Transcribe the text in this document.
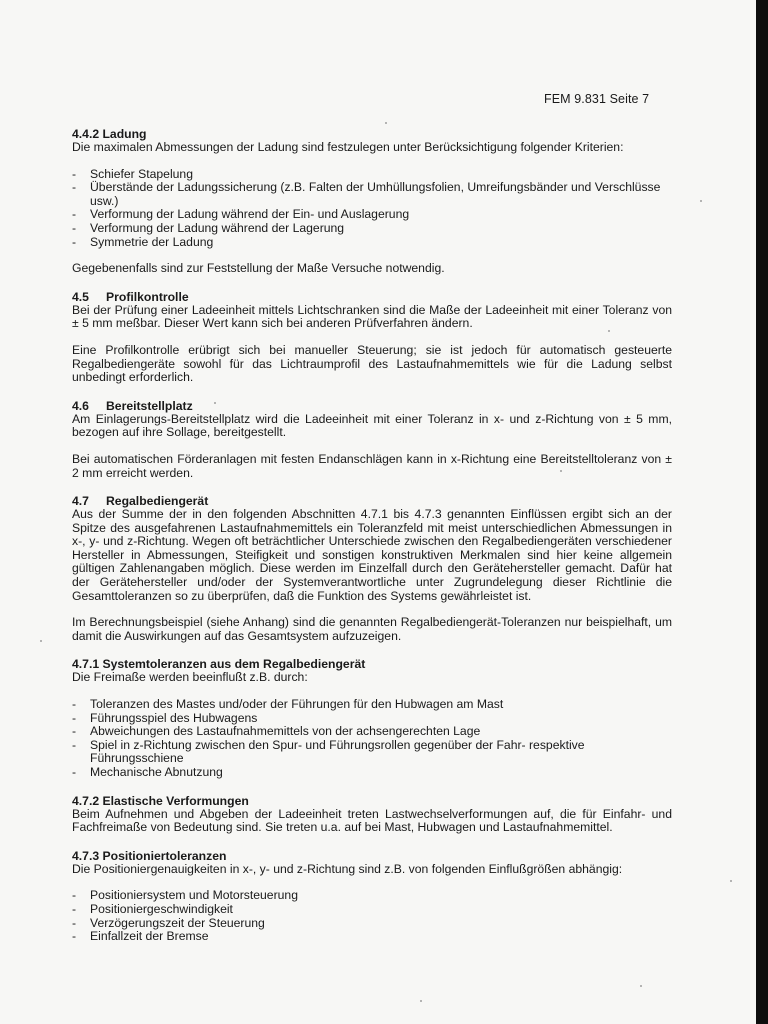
FEM 9.831 Seite 7
4.4.2 Ladung

Die maximalen Abmessungen der Ladung sind festzulegen unter Berücksichtigung folgender Kriterien:

- Schiefer Stapelung
- Überstände der Ladungssicherung (z.B. Falten der Umhüllungsfolien, Umreifungsbänder und Verschlüsse usw.)
- Verformung der Ladung während der Ein- und Auslagerung
- Verformung der Ladung während der Lagerung
- Symmetrie der Ladung

Gegebenenfalls sind zur Feststellung der Maße Versuche notwendig.

4.5 Profilkontrolle

Bei der Prüfung einer Ladeeinheit mittels Lichtschranken sind die Maße der Ladeeinheit mit einer Toleranz von ± 5 mm meßbar. Dieser Wert kann sich bei anderen Prüfverfahren ändern.

Eine Profilkontrolle erübrigt sich bei manueller Steuerung; sie ist jedoch für automatisch gesteuerte Regalbediengeräte sowohl für das Lichtraumprofil des Lastaufnahmemittels wie für die Ladung selbst unbedingt erforderlich.

4.6 Bereitstellplatz

Am Einlagerungs-Bereitstellplatz wird die Ladeeinheit mit einer Toleranz in x- und z-Richtung von ± 5 mm, bezogen auf ihre Sollage, bereitgestellt.

Bei automatischen Förderanlagen mit festen Endanschlägen kann in x-Richtung eine Bereitstelltoleranz von ± 2 mm erreicht werden.

4.7 Regalbediengerät

Aus der Summe der in den folgenden Abschnitten 4.7.1 bis 4.7.3 genannten Einflüssen ergibt sich an der Spitze des ausgefahrenen Lastaufnahmemittels ein Toleranzfeld mit meist unterschiedlichen Abmessungen in x-, y- und z-Richtung. Wegen oft beträchtlicher Unterschiede zwischen den Regalbediengeräten verschiedener Hersteller in Abmessungen, Steifigkeit und sonstigen konstruktiven Merkmalen sind hier keine allgemein gültigen Zahlenangaben möglich. Diese werden im Einzelfall durch den Gerätehersteller gemacht. Dafür hat der Gerätehersteller und/oder der Systemverantwortliche unter Zugrundelegung dieser Richtlinie die Gesamttoleranzen so zu überprüfen, daß die Funktion des Systems gewährleistet ist.

Im Berechnungsbeispiel (siehe Anhang) sind die genannten Regalbediengerät-Toleranzen nur beispielhaft, um damit die Auswirkungen auf das Gesamtsystem aufzuzeigen.

4.7.1 Systemtoleranzen aus dem Regalbediengerät

Die Freimaße werden beeinflußt z.B. durch:

- Toleranzen des Mastes und/oder der Führungen für den Hubwagen am Mast
- Führungsspiel des Hubwagens
- Abweichungen des Lastaufnahmemittels von der achsengerechten Lage
- Spiel in z-Richtung zwischen den Spur- und Führungsrollen gegenüber der Fahr- respektive Führungsschiene
- Mechanische Abnutzung
4.7.2 Elastische Verformungen

Beim Aufnehmen und Abgeben der Ladeeinheit treten Lastwechselverformungen auf, die für Einfahr- und Fachfreimaße von Bedeutung sind. Sie treten u.a. auf bei Mast, Hubwagen und Lastaufnahmemittel.

4.7.3 Positioniertoleranzen

Die Positioniergenauigkeiten in x-, y- und z-Richtung sind z.B. von folgenden Einflußgrößen abhängig:

- Positioniersystem und Motorsteuerung
- Positioniergeschwindigkeit
- Verzögerungszeit der Steuerung
- Einfallzeit der Bremse
